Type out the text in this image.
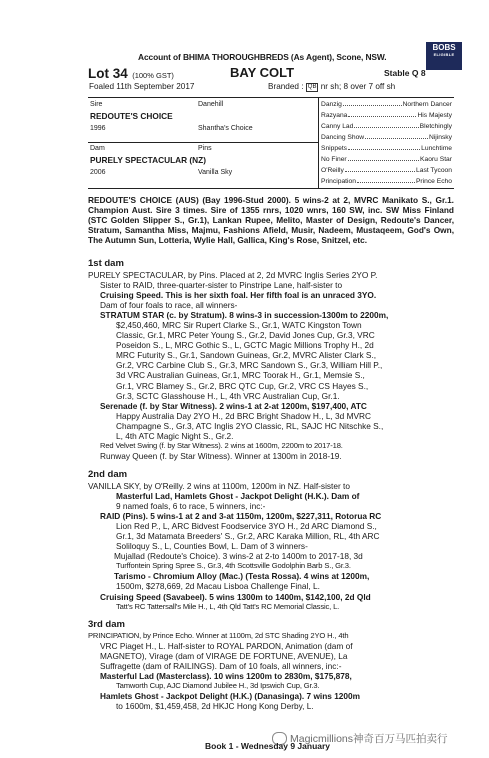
Account of BHIMA THOROUGHBREDS (As Agent), Scone, NSW.
BOBS
ELIGIBLE
Lot 34 (100% GST)	BAY COLT	Stable Q 8
Foaled 11th September 2017	Branded : QB nr sh; 8 over 7 off sh
Sire	Danehill
REDOUTE'S CHOICE
1996	Shantha's Choice
Dam	Pins
PURELY SPECTACULAR (NZ)
2006	Vanilla Sky
Danzig	Northern Dancer
Razyana	His Majesty
Canny Lad	Bletchingly
Dancing Show	Nijinsky
Snippets	Lunchtime
No Finer	Kaoru Star
O'Reilly	Last Tycoon
Principation	Prince Echo
REDOUTE'S CHOICE (AUS) (Bay 1996-Stud 2000). 5 wins-2 at 2, MVRC Manikato S., Gr.1. Champion Aust. Sire 3 times. Sire of 1355 rnrs, 1020 wnrs, 160 SW, inc. SW Miss Finland (STC Golden Slipper S., Gr.1), Lankan Rupee, Melito, Master of Design, Redoute's Dancer, Stratum, Samantha Miss, Majmu, Fashions Afield, Musir, Nadeem, Mustaqeem, God's Own, The Autumn Sun, Lotteria, Wylie Hall, Gallica, King's Rose, Snitzel, etc.
1st dam

PURELY SPECTACULAR, by Pins. Placed at 2, 2d MVRC Inglis Series 2YO P.

Sister to RAID, three-quarter-sister to Pinstripe Lane, half-sister to

Cruising Speed. This is her sixth foal. Her fifth foal is an unraced 3YO.

Dam of four foals to race, all winners-

STRATUM STAR (c. by Stratum). 8 wins-3 in succession-1300m to 2200m,

$2,450,460, MRC Sir Rupert Clarke S., Gr.1, WATC Kingston Town

Classic, Gr.1, MRC Peter Young S., Gr.2, David Jones Cup, Gr.3, VRC

Poseidon S., L, MRC Gothic S., L, GCTC Magic Millions Trophy H., 2d

MRC Futurity S., Gr.1, Sandown Guineas, Gr.2, MVRC Alister Clark S.,

Gr.2, VRC Carbine Club S., Gr.3, MRC Sandown S., Gr.3, William Hill P.,

3d VRC Australian Guineas, Gr.1, MRC Toorak H., Gr.1, Memsie S.,

Gr.1, VRC Blamey S., Gr.2, BRC QTC Cup, Gr.2, VRC CS Hayes S.,

Gr.3, SCTC Glasshouse H., L, 4th VRC Australian Cup, Gr.1.

Serenade (f. by Star Witness). 2 wins-1 at 2-at 1200m, $197,400, ATC

Happy Australia Day 2YO H., 2d BRC Bright Shadow H., L, 3d MVRC

Champagne S., Gr.3, ATC Inglis 2YO Classic, RL, SAJC HC Nitschke S.,

L, 4th ATC Magic Night S., Gr.2.

Red Velvet Swing (f. by Star Witness). 2 wins at 1600m, 2200m to 2017-18.

Runway Queen (f. by Star Witness). Winner at 1300m in 2018-19.

2nd dam

VANILLA SKY, by O'Reilly. 2 wins at 1100m, 1200m in NZ. Half-sister to

Masterful Lad, Hamlets Ghost - Jackpot Delight (H.K.). Dam of

9 named foals, 6 to race, 5 winners, inc:-

RAID (Pins). 5 wins-1 at 2 and 3-at 1150m, 1200m, $227,311, Rotorua RC

Lion Red P., L, ARC Bidvest Foodservice 3YO H., 2d ARC Diamond S.,

Gr.1, 3d Matamata Breeders' S., Gr.2, ARC Karaka Million, RL, 4th ARC

Soliloquy S., L, Counties Bowl, L. Dam of 3 winners-

Mujallad (Redoute's Choice). 3 wins-2 at 2-to 1400m to 2017-18, 3d

Turffontein Spring Spree S., Gr.3, 4th Scottsville Godolphin Barb S., Gr.3.

Tarismo - Chromium Alloy (Mac.) (Testa Rossa). 4 wins at 1200m,

1500m, $278,669, 2d Macau Lisboa Challenge Final, L.

Cruising Speed (Savabeel). 5 wins 1300m to 1400m, $142,100, 2d Qld

Tatt's RC Tattersall's Mile H., L, 4th Qld Tatt's RC Memorial Classic, L.

3rd dam

PRINCIPATION, by Prince Echo. Winner at 1100m, 2d STC Shading 2YO H., 4th

VRC Piaget H., L. Half-sister to ROYAL PARDON, Animation (dam of

MAGNETO), Virage (dam of VIRAGE DE FORTUNE, AVENUE), La

Suffragette (dam of RAILINGS). Dam of 10 foals, all winners, inc:-

Masterful Lad (Masterclass). 10 wins 1200m to 2830m, $175,878,

Tamworth Cup, AJC Diamond Jubilee H., 3d Ipswich Cup, Gr.3.

Hamlets Ghost - Jackpot Delight (H.K.) (Danasinga). 7 wins 1200m

to 1600m, $1,459,458, 2d HKJC Hong Kong Derby, L.

Magicmillions神奇百万马匹拍卖行
Book 1 - Wednesday 9 January
